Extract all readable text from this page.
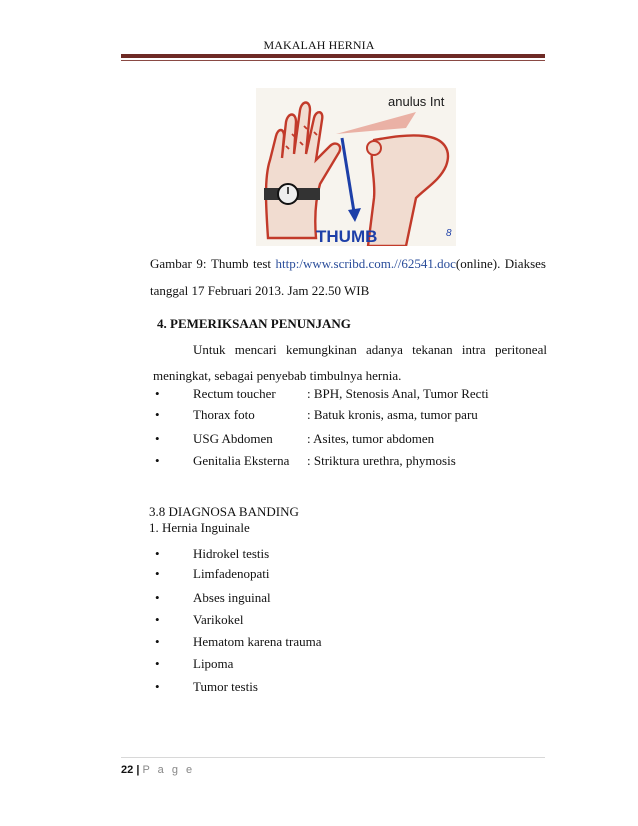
MAKALAH HERNIA
anulus Int
THUMB	8
Gambar 9: Thumb test http:/www.scribd.com.//62541.doc(online). Diakses
tanggal 17 Februari 2013. Jam 22.50 WIB
4. PEMERIKSAAN PENUNJANG
Untuk mencari kemungkinan adanya tekanan intra peritoneal
meningkat, sebagai penyebab timbulnya hernia.
•	Rectum toucher : BPH, Stenosis Anal, Tumor Recti
•	Thorax foto	: Batuk kronis, asma, tumor paru
•	USG Abdomen	: Asites, tumor abdomen
•	Genitalia Eksterna : Striktura urethra, phymosis
3.8 DIAGNOSA BANDING
1. Hernia Inguinale
•	Hidrokel testis
•	Limfadenopati
•	Abses inguinal
•	Varikokel
•	Hematom karena trauma
•	Lipoma
•	Tumor testis
22 | P a g e
